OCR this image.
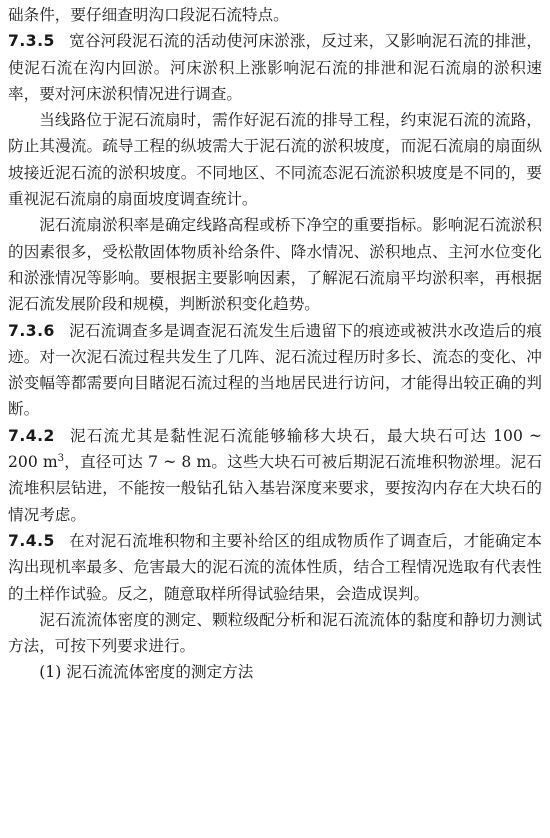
础条件，要仔细查明沟口段泥石流特点。

7.3.5 宽谷河段泥石流的活动使河床淤涨，反过来，又影响泥石流的排泄，使泥石流在沟内回淤。河床淤积上涨影响泥石流的排泄和泥石流扇的淤积速率，要对河床淤积情况进行调查。

当线路位于泥石流扇时，需作好泥石流的排导工程，约束泥石流的流路，防止其漫流。疏导工程的纵坡需大于泥石流的淤积坡度，而泥石流扇的扇面纵坡接近泥石流的淤积坡度。不同地区、不同流态泥石流淤积坡度是不同的，要重视泥石流扇的扇面坡度调查统计。

泥石流扇淤积率是确定线路高程或桥下净空的重要指标。影响泥石流淤积的因素很多，受松散固体物质补给条件、降水情况、淤积地点、主河水位变化和淤涨情况等影响。要根据主要影响因素，了解泥石流扇平均淤积率，再根据泥石流发展阶段和规模，判断淤积变化趋势。

7.3.6 泥石流调查多是调查泥石流发生后遗留下的痕迹或被洪水改造后的痕迹。对一次泥石流过程共发生了几阵、泥石流过程历时多长、流态的变化、冲淤变幅等都需要向目睹泥石流过程的当地居民进行访问，才能得出较正确的判断。

7.4.2 泥石流尤其是黏性泥石流能够输移大块石，最大块石可达 100 ~ 200 $m^3$，直径可达 7 ~ 8 m。这些大块石可被后期泥石流堆积物淤埋。泥石流堆积层钻进，不能按一般钻孔钻入基岩深度来要求，要按沟内存在大块石的情况考虑。

7.4.5 在对泥石流堆积物和主要补给区的组成物质作了调查后，才能确定本沟出现机率最多、危害最大的泥石流的流体性质，结合工程情况选取有代表性的土样作试验。反之，随意取样所得试验结果，会造成误判。

泥石流流体密度的测定、颗粒级配分析和泥石流流体的黏度和静切力测试方法，可按下列要求进行。

(1) 泥石流流体密度的测定方法
